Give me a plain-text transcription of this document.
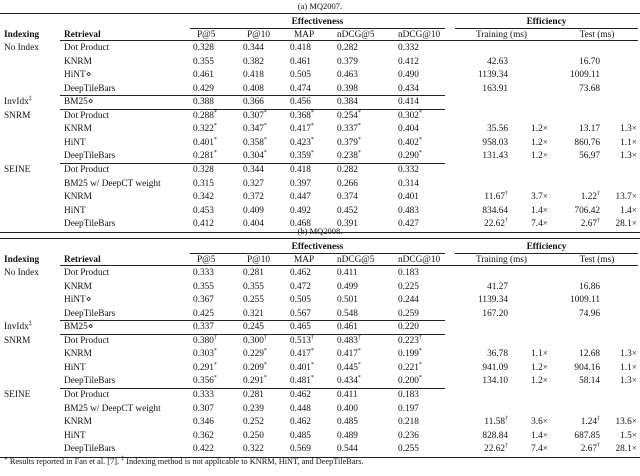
(a) MQ2007.
Effectiveness	Efficiency
Indexing	Retrieval	P@5	P@10	MAP nDCG@5	nDCG@10	Training (ms)	Test (ms)
No Index	Dot Product	0.328	0.344	0.418	0.282	0.332
KNRM	0.355	0.382	0.461	0.379	0.412	42.63	16.70
HiNT⋄	0.461	0.418	0.505	0.463	0.490	1139.34	1009.11
DeepTileBars	0.429	0.408	0.474	0.398	0.434	163.91	73.68
InvIdx‡	BM25⋄	0.388	0.366	0.456	0.384	0.414
SNRM	Dot Product	0.288*	0.307* 0.368* 0.254*	0.302*
KNRM	0.322*	0.347* 0.417* 0.337*	0.404	35.56 1.2×	13.17 1.3×
HiNT	0.401*	0.358* 0.423* 0.379*	0.402*	958.03 1.2×	860.76 1.1×
DeepTileBars	0.281*	0.304* 0.359* 0.238*	0.290*	131.43 1.2×	56.97 1.3×
SEINE	Dot Product	0.328	0.344	0.418	0.282	0.332
BM25 w/ DeepCT weight	0.315	0.327	0.397	0.266	0.314
KNRM	0.342	0.372	0.447	0.374	0.401	11.67† 3.7×	1.22† 13.7×
HiNT	0.453	0.409	0.492	0.452	0.483	834.64 1.4×	706.42 1.4×
DeepTileBars	0.412	0.404	0.468	0.391	0.427	22.62† 7.4×	2.67† 28.1×
(b) MQ2008.
Effectiveness	Efficiency
Indexing	Retrieval	P@5	P@10	MAP nDCG@5	nDCG@10	Training (ms)	Test (ms)
No Index	Dot Product	0.333	0.281	0.462	0.411	0.183
KNRM	0.355	0.355	0.472	0.499	0.225	41.27	16.86
HiNT⋄	0.367	0.255	0.505	0.501	0.244	1139.34	1009.11
DeepTileBars	0.425	0.321	0.567	0.548	0.259	167.20	74.96
InvIdx‡	BM25⋄	0.337	0.245	0.465	0.461	0.220
SNRM	Dot Product	0.380†	0.300† 0.513† 0.483†	0.223†
KNRM	0.303*	0.229* 0.417* 0.417*	0.199*	36.78 1.1×	12.68 1.3×
HiNT	0.291*	0.209* 0.401* 0.445*	0.221*	941.09 1.2×	904.16 1.1×
DeepTileBars	0.356*	0.291* 0.481* 0.434*	0.200*	134.10 1.2×	58.14 1.3×
SEINE	Dot Product	0.333	0.281	0.462	0.411	0.183
BM25 w/ DeepCT weight	0.307	0.239	0.448	0.400	0.197
KNRM	0.346	0.252	0.462	0.485	0.218	11.58† 3.6×	1.24† 13.6×
HiNT	0.362	0.250	0.485	0.489	0.236	828.84 1.4×	687.85 1.5×
DeepTileBars	0.422	0.322	0.569	0.544	0.255	22.62† 7.4×	2.67† 28.1×
⋄ Results reported in Fan et al. [7]. ‡ Indexing method is not applicable to KNRM, HiNT, and DeepTileBars.
